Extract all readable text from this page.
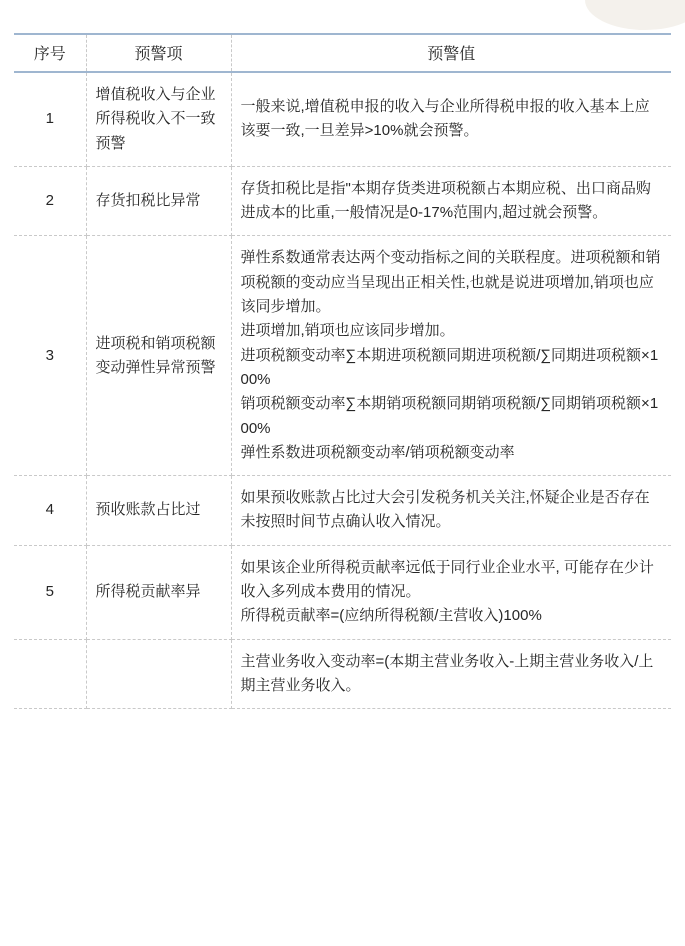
序号	预警项	预警值
1	增值税收入与企业所得税收入不一致预警	一般来说,增值税申报的收入与企业所得税申报的收入基本上应该要一致,一旦差异>10%就会预警。
2	存货扣税比异常	存货扣税比是指"本期存货类进项税额占本期应税、出口商品购进成本的比重,一般情况是0-17%范围内,超过就会预警。
3	进项税和销项税额变动弹性异常预警	弹性系数通常表达两个变动指标之间的关联程度。进项税额和销项税额的变动应当呈现出正相关性,也就是说进项增加,销项也应该同步增加。

进项增加,销项也应该同步增加。

进项税额变动率∑本期进项税额同期进项税额/∑同期进项税额×100%

销项税额变动率∑本期销项税额同期销项税额/∑同期销项税额×100%

弹性系数进项税额变动率/销项税额变动率

4	预收账款占比过	如果预收账款占比过大会引发税务机关关注,怀疑企业是否存在未按照时间节点确认收入情况。
5	所得税贡献率异	如果该企业所得税贡献率远低于同行业企业水平, 可能存在少计收入多列成本费用的情况。

所得税贡献率=(应纳所得税额/主营收入)100%

		主营业务收入变动率=(本期主营业务收入-上期主营业务收入/上期主营业务收入。
